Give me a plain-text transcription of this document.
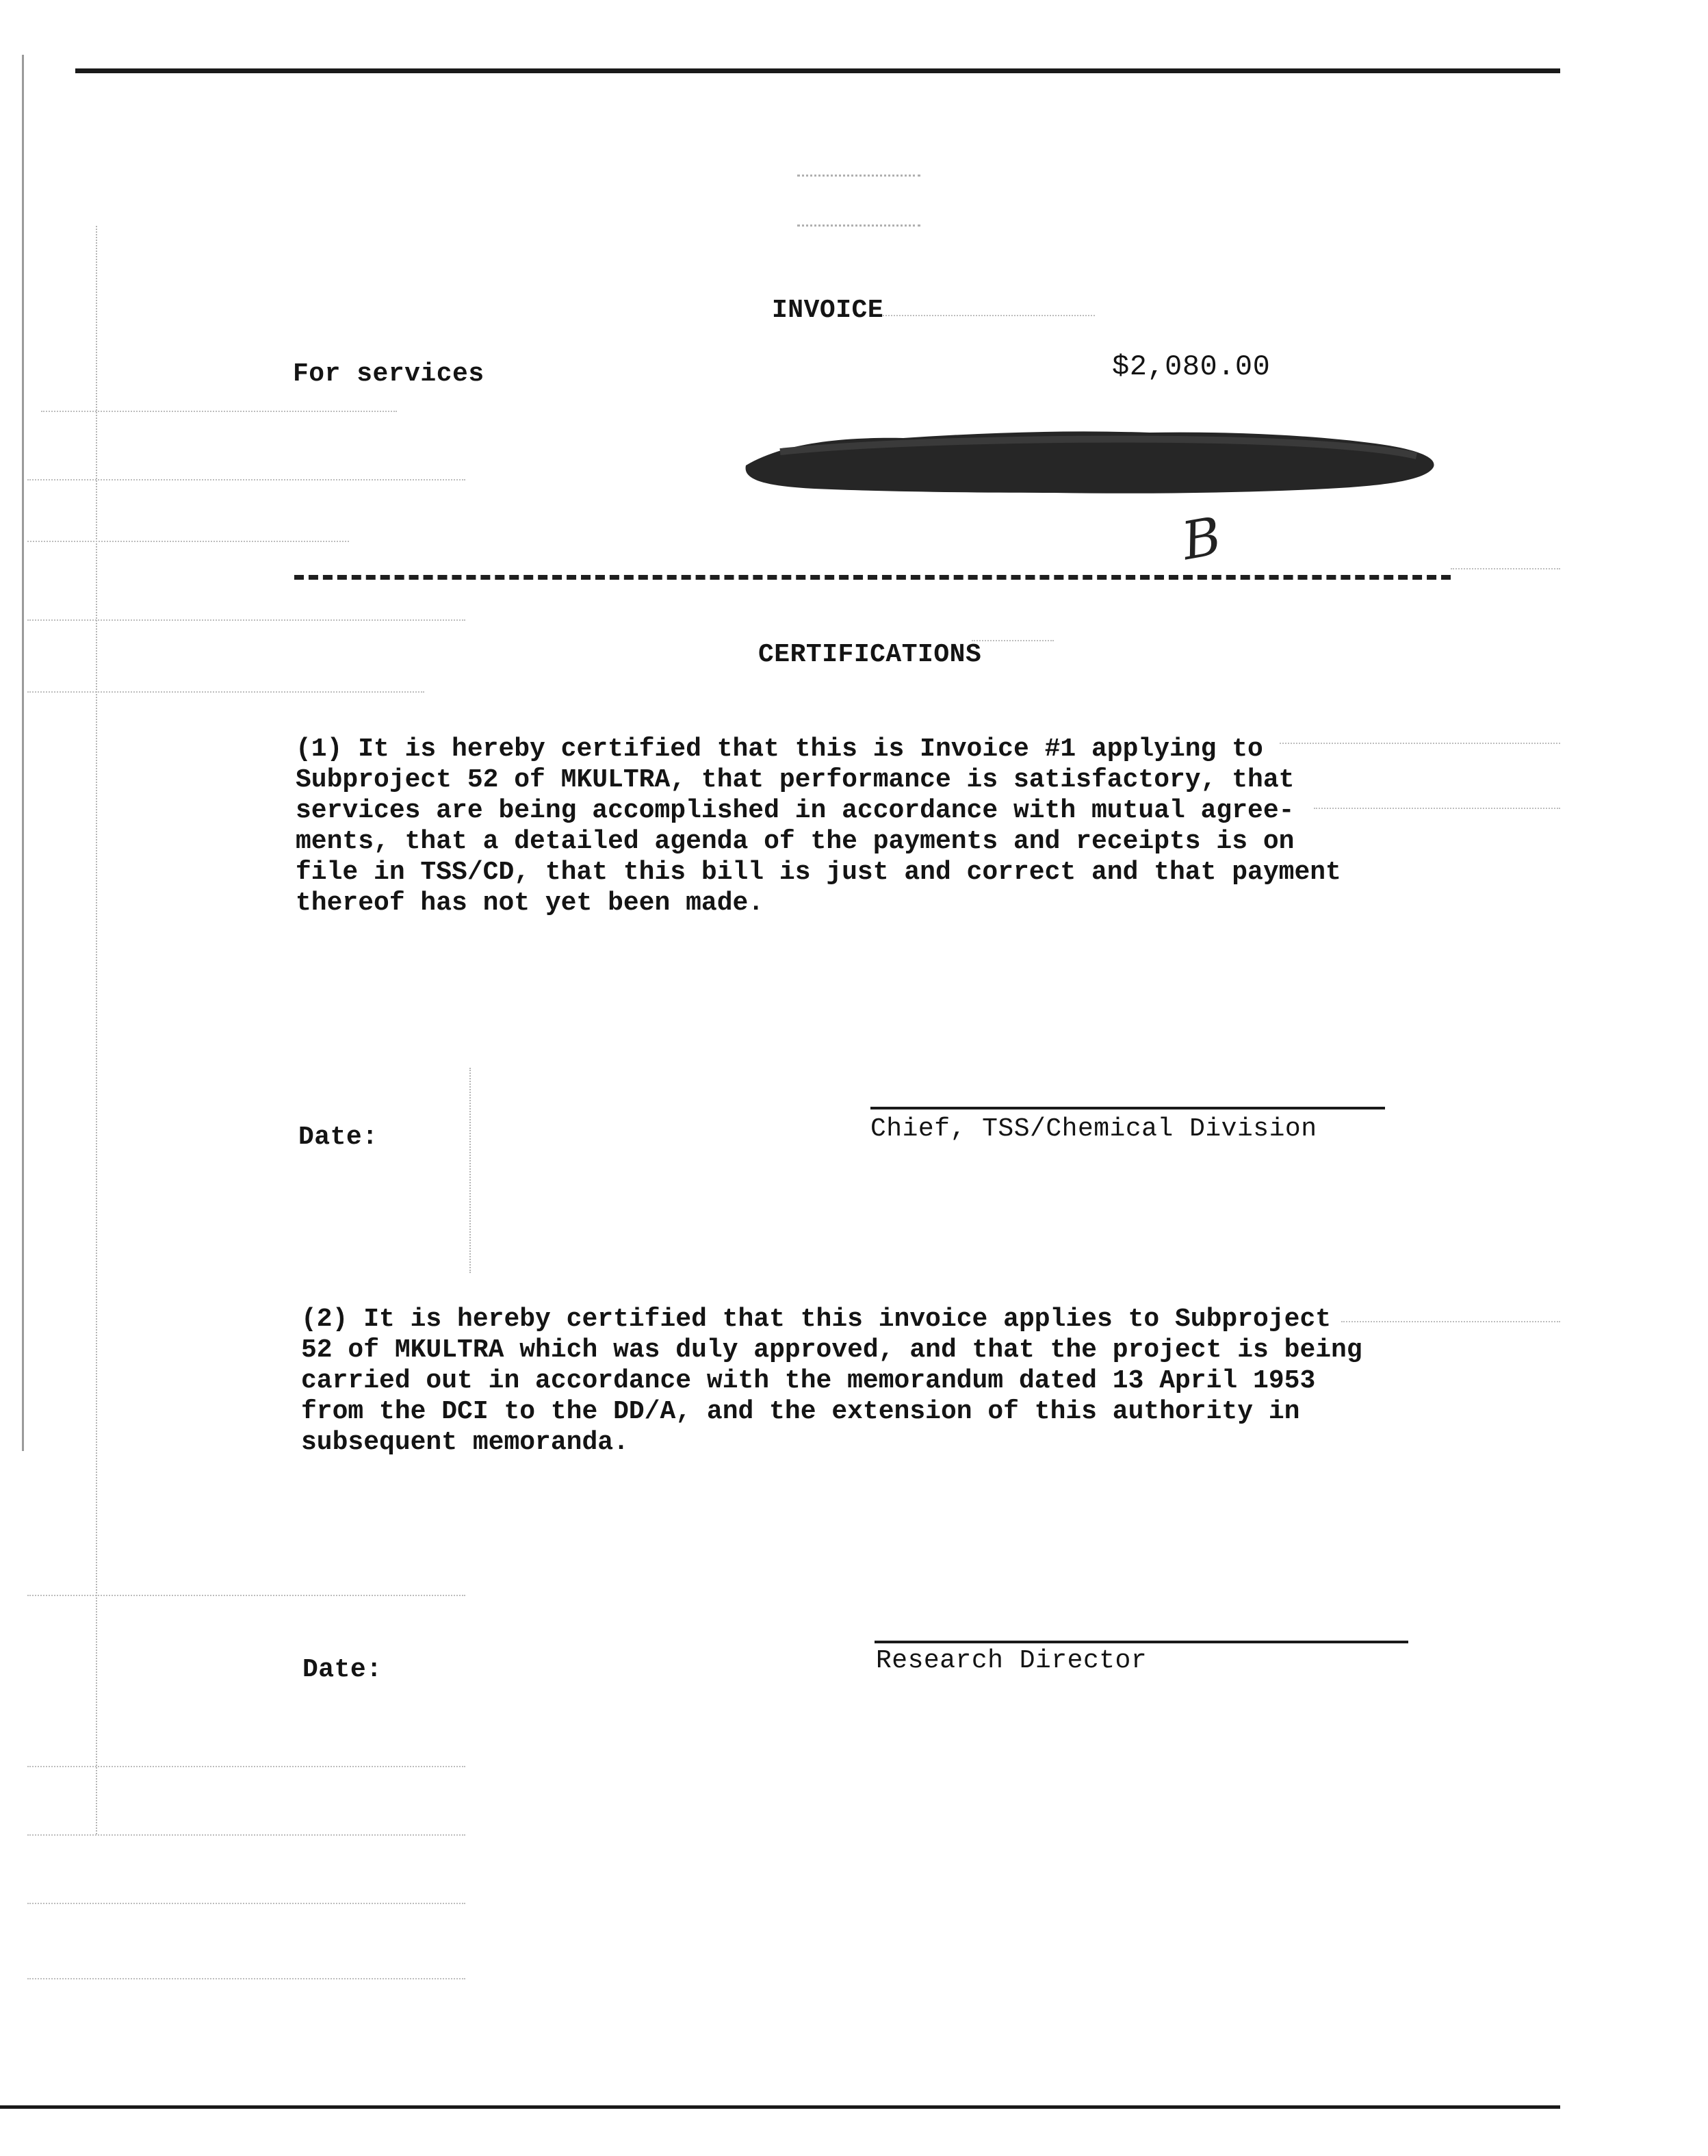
INVOICE
For services	$2,080.00
B
CERTIFICATIONS
(1) It is hereby certified that this is Invoice #1 applying to
Subproject 52 of MKULTRA, that performance is satisfactory, that
services are being accomplished in accordance with mutual agree-
ments, that a detailed agenda of the payments and receipts is on
file in TSS/CD, that this bill is just and correct and that payment
thereof has not yet been made.
Date:	Chief, TSS/Chemical Division
(2) It is hereby certified that this invoice applies to Subproject
52 of MKULTRA which was duly approved, and that the project is being
carried out in accordance with the memorandum dated 13 April 1953
from the DCI to the DD/A, and the extension of this authority in
subsequent memoranda.
Date:	Research Director
